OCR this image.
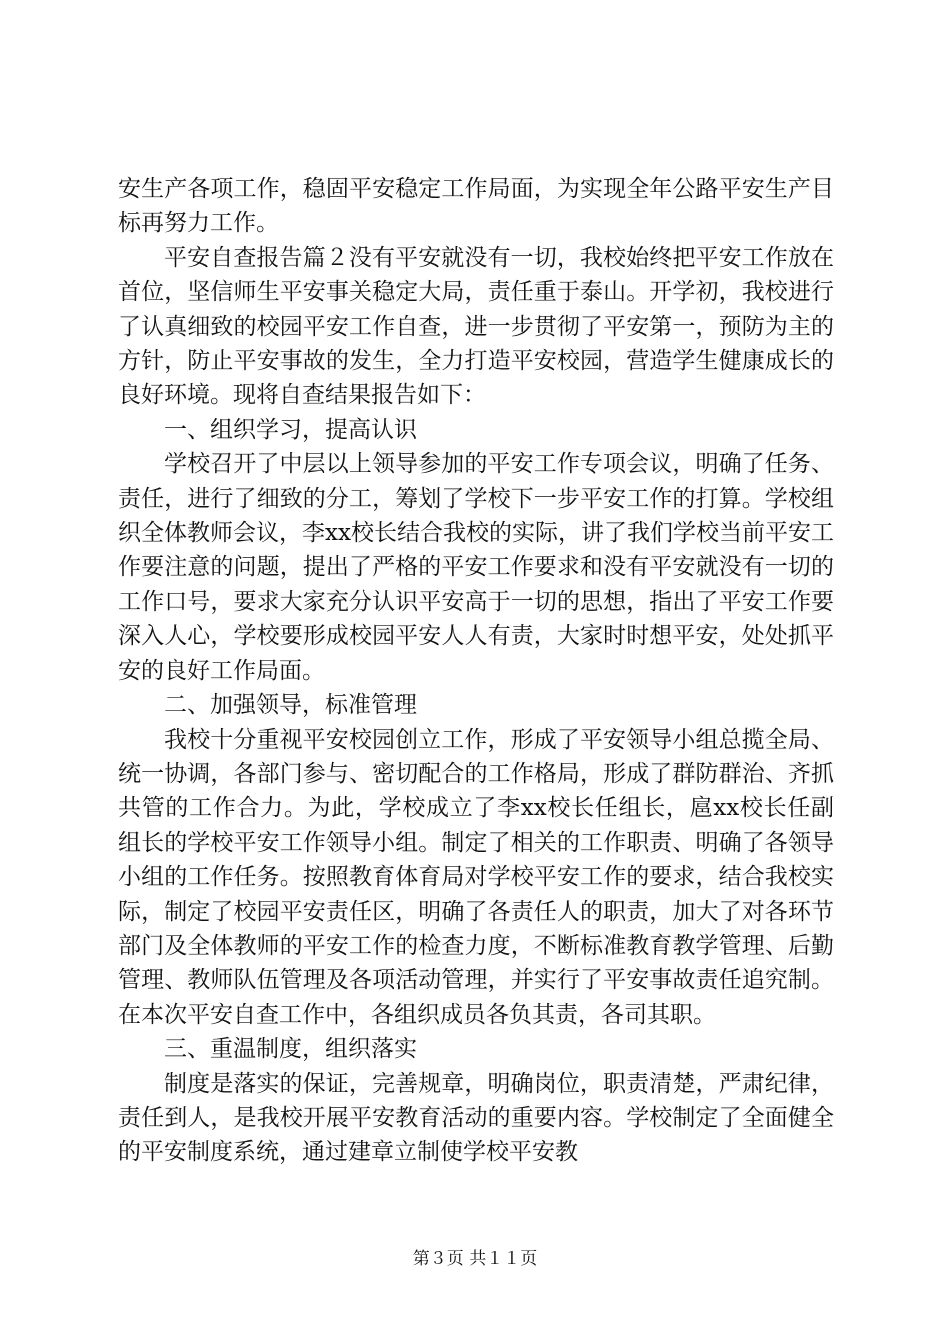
安生产各项工作，稳固平安稳定工作局面，为实现全年公路平安生产目标再努力工作。

平安自查报告篇２没有平安就没有一切，我校始终把平安工作放在首位，坚信师生平安事关稳定大局，责任重于泰山。开学初，我校进行了认真细致的校园平安工作自查，进一步贯彻了平安第一，预防为主的方针，防止平安事故的发生，全力打造平安校园，营造学生健康成长的良好环境。现将自查结果报告如下：

一、组织学习，提高认识

学校召开了中层以上领导参加的平安工作专项会议，明确了任务、责任，进行了细致的分工，筹划了学校下一步平安工作的打算。学校组织全体教师会议，李xx校长结合我校的实际，讲了我们学校当前平安工作要注意的问题，提出了严格的平安工作要求和没有平安就没有一切的工作口号，要求大家充分认识平安高于一切的思想，指出了平安工作要深入人心，学校要形成校园平安人人有责，大家时时想平安，处处抓平安的良好工作局面。

二、加强领导，标准管理

我校十分重视平安校园创立工作，形成了平安领导小组总揽全局、统一协调，各部门参与、密切配合的工作格局，形成了群防群治、齐抓共管的工作合力。为此，学校成立了李xx校长任组长，扈xx校长任副组长的学校平安工作领导小组。制定了相关的工作职责、明确了各领导小组的工作任务。按照教育体育局对学校平安工作的要求，结合我校实际，制定了校园平安责任区，明确了各责任人的职责，加大了对各环节部门及全体教师的平安工作的检查力度，不断标准教育教学管理、后勤管理、教师队伍管理及各项活动管理，并实行了平安事故责任追究制。在本次平安自查工作中，各组织成员各负其责，各司其职。

三、重温制度，组织落实

制度是落实的保证，完善规章，明确岗位，职责清楚，严肃纪律，责任到人，是我校开展平安教育活动的重要内容。学校制定了全面健全的平安制度系统，通过建章立制使学校平安教

第３页 共１１页
